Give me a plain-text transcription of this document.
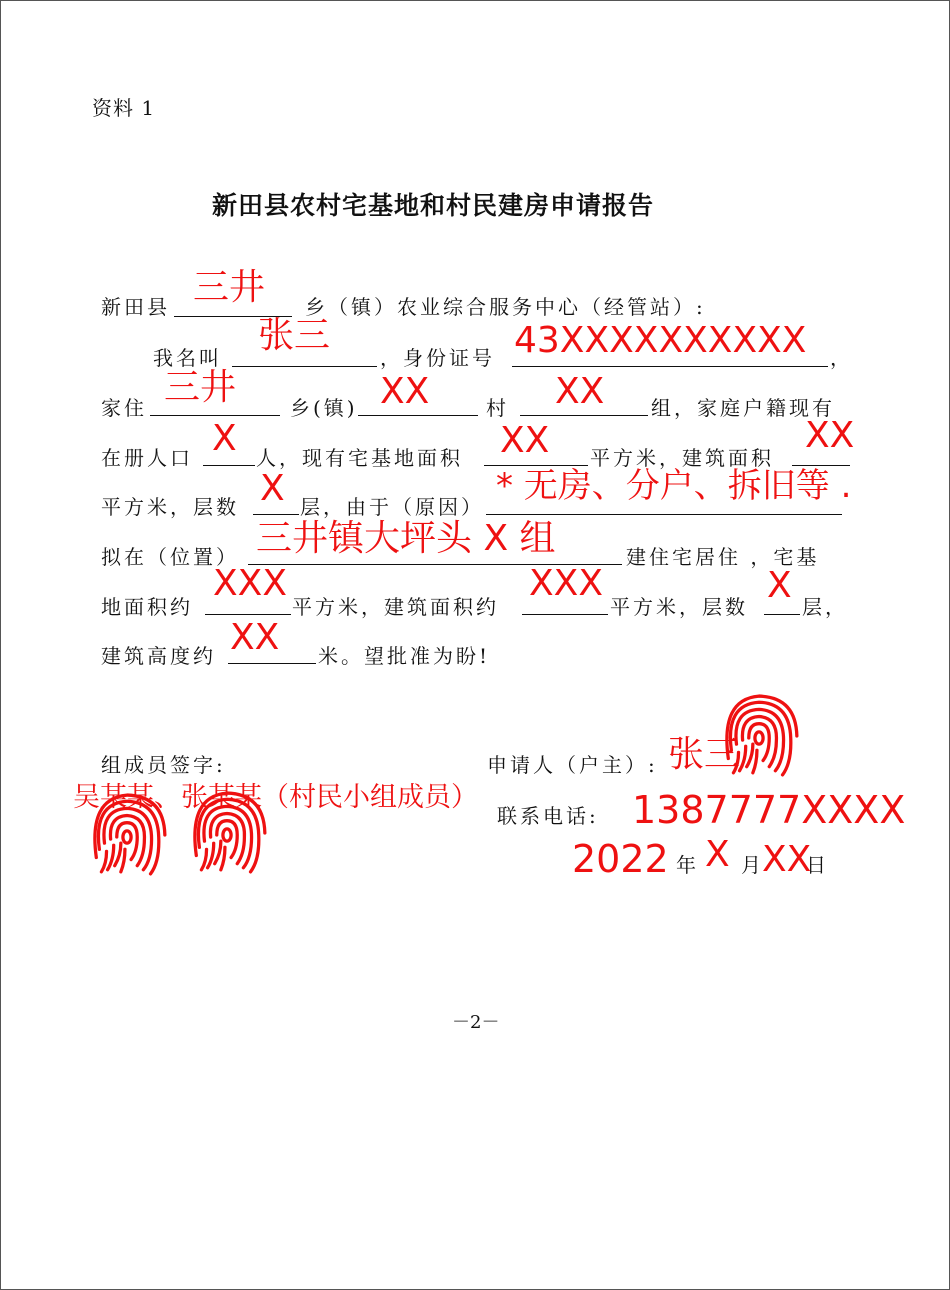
资料 1
新田县农村宅基地和村民建房申请报告
新田县 三井 乡（镇）农业综合服务中心（经管站）:
我名叫
张三
，身份证号 43XXXXXXXXXX ，
家住 三井	乡(镇) XX	村 XX 组，家庭户籍现有
在册人口 X 人，现有宅基地面积 XX 平方米，建筑面积
XX
平方米，层数 X 层，由于（原因）
* 无房、分户、拆旧等 .
拟在（位置） 三井镇大坪头 X 组	建住宅居住 ，宅基
地面积约
XXX
平方米，建筑面积约
XXX
平方米，层数
X
层，
建筑高度约 XX 米。望批准为盼!
组成员签字:
吴某某、张某某（村民小组成员）
申请人（户主）: 张三
联系电话: 1387777XXXX
2022 年 X 月
XX
日
－2－
